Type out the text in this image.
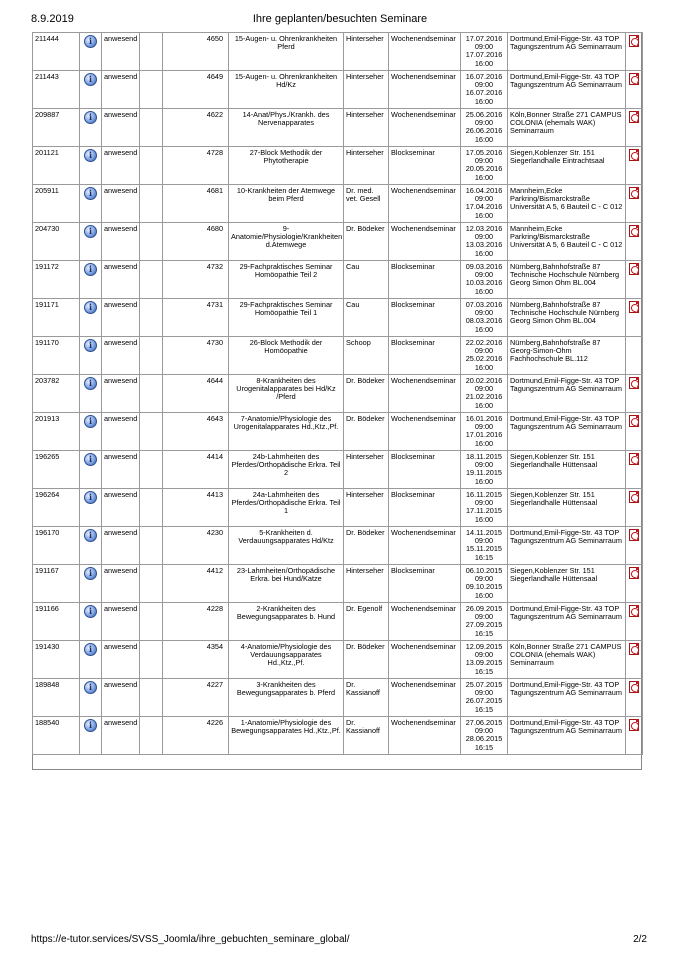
8.9.2019	Ihre geplanten/besuchten Seminare
211444	i	anwesend		4650	15-Augen- u. Ohrenkrankheiten Pferd	Hinterseher	Wochenendseminar	17.07.2016
09:00
17.07.2016
16:00	Dortmund,Emil-Figge-Str. 43 TOP Tagungszentrum AG Seminarraum	
211443	i	anwesend		4649	15-Augen- u. Ohrenkrankheiten Hd/Kz	Hinterseher	Wochenendseminar	16.07.2016
09:00
16.07.2016
16:00	Dortmund,Emil-Figge-Str. 43 TOP Tagungszentrum AG Seminarraum	
209887	i	anwesend		4622	14-Anat/Phys./Krankh. des Nervenapparates	Hinterseher	Wochenendseminar	25.06.2016
09:00
26.06.2016
16:00	Köln,Bonner Straße 271 CAMPUS COLONIA (ehemals WAK) Seminarraum	
201121	i	anwesend		4728	27-Block Methodik der Phytotherapie	Hinterseher	Blockseminar	17.05.2016
09:00
20.05.2016
16:00	Siegen,Koblenzer Str. 151 Siegerlandhalle Eintrachtsaal	
205911	i	anwesend		4681	10-Krankheiten der Atemwege beim Pferd	Dr. med. vet. Gesell	Wochenendseminar	16.04.2016
09:00
17.04.2016
16:00	Mannheim,Ecke Parkring/Bismarckstraße Universität A 5, 6 Bauteil C - C 012	
204730	i	anwesend		4680	9-Anatomie/Physiologie/Krankheiten d.Atemwege	Dr. Bödeker	Wochenendseminar	12.03.2016
09:00
13.03.2016
16:00	Mannheim,Ecke Parkring/Bismarckstraße Universität A 5, 6 Bauteil C - C 012	
191172	i	anwesend		4732	29-Fachpraktisches Seminar Homöopathie Teil 2	Cau	Blockseminar	09.03.2016
09:00
10.03.2016
16:00	Nürnberg,Bahnhofstraße 87 Technische Hochschule Nürnberg Georg Simon Ohm BL.004	
191171	i	anwesend		4731	29-Fachpraktisches Seminar Homöopathie Teil 1	Cau	Blockseminar	07.03.2016
09:00
08.03.2016
16:00	Nürnberg,Bahnhofstraße 87 Technische Hochschule Nürnberg Georg Simon Ohm BL.004	
191170	i	anwesend		4730	26-Block Methodik der Homöopathie	Schoop	Blockseminar	22.02.2016
09:00
25.02.2016
16:00	Nürnberg,Bahnhofstraße 87 Georg-Simon-Ohm Fachhochschule BL.112	
203782	i	anwesend		4644	8-Krankheiten des Urogenitalapparates bei Hd/Kz /Pferd	Dr. Bödeker	Wochenendseminar	20.02.2016
09:00
21.02.2016
16:00	Dortmund,Emil-Figge-Str. 43 TOP Tagungszentrum AG Seminarraum	
201913	i	anwesend		4643	7-Anatomie/Physiologie des Urogenitalapparates Hd.,Ktz.,Pf.	Dr. Bödeker	Wochenendseminar	16.01.2016
09:00
17.01.2016
16:00	Dortmund,Emil-Figge-Str. 43 TOP Tagungszentrum AG Seminarraum	
196265	i	anwesend		4414	24b-Lahmheiten des Pferdes/Orthopädische Erkra. Teil 2	Hinterseher	Blockseminar	18.11.2015
09:00
19.11.2015
16:00	Siegen,Koblenzer Str. 151 Siegerlandhalle Hüttensaal	
196264	i	anwesend		4413	24a-Lahmheiten des Pferdes/Orthopädische Erkra. Teil 1	Hinterseher	Blockseminar	16.11.2015
09:00
17.11.2015
16:00	Siegen,Koblenzer Str. 151 Siegerlandhalle Hüttensaal	
196170	i	anwesend		4230	5-Krankheiten d. Verdauungsapparates Hd/Ktz	Dr. Bödeker	Wochenendseminar	14.11.2015
09:00
15.11.2015
16:15	Dortmund,Emil-Figge-Str. 43 TOP Tagungszentrum AG Seminarraum	
191167	i	anwesend		4412	23-Lahmheiten/Orthopädische Erkra. bei Hund/Katze	Hinterseher	Blockseminar	06.10.2015
09:00
09.10.2015
16:00	Siegen,Koblenzer Str. 151 Siegerlandhalle Hüttensaal	
191166	i	anwesend		4228	2-Krankheiten des Bewegungsapparates b. Hund	Dr. Egenolf	Wochenendseminar	26.09.2015
09:00
27.09.2015
16:15	Dortmund,Emil-Figge-Str. 43 TOP Tagungszentrum AG Seminarraum	
191430	i	anwesend		4354	4-Anatomie/Physiologie des Verdauungsapparates Hd.,Ktz.,Pf.	Dr. Bödeker	Wochenendseminar	12.09.2015
09:00
13.09.2015
16:15	Köln,Bonner Straße 271 CAMPUS COLONIA (ehemals WAK) Seminarraum	
189848	i	anwesend		4227	3-Krankheiten des Bewegungsapparates b. Pferd	Dr. Kassianoff	Wochenendseminar	25.07.2015
09:00
26.07.2015
16:15	Dortmund,Emil-Figge-Str. 43 TOP Tagungszentrum AG Seminarraum	
188540	i	anwesend		4226	1-Anatomie/Physiologie des Bewegungsapparates Hd.,Ktz.,Pf.	Dr. Kassianoff	Wochenendseminar	27.06.2015
09:00
28.06.2015
16:15	Dortmund,Emil-Figge-Str. 43 TOP Tagungszentrum AG Seminarraum	

https://e-tutor.services/SVSS_Joomla/ihre_gebuchten_seminare_global/	2/2
